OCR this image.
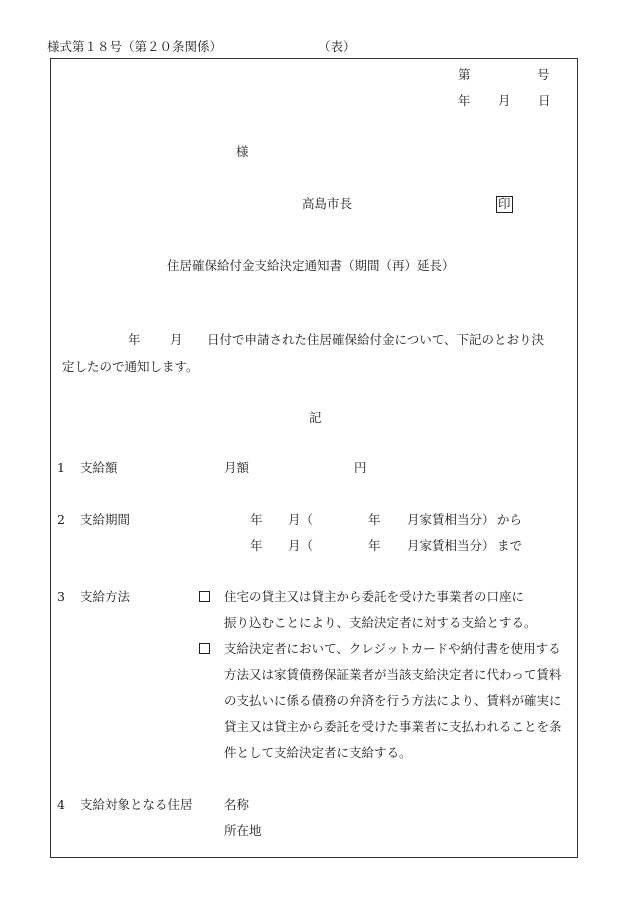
様式第１８号（第２０条関係）	（表）
第	号
年 月 日
様
高島市長	印
住居確保給付金支給決定通知書（期間（再）延長）
年 月 日付で申請された住居確保給付金について、下記のとおり決
定したので通知します。
記
1 支給額	月額	円
2 支給期間	年 月（	年 月家賃相当分） から
年 月（	年 月家賃相当分） まで
3 支給方法	住宅の貸主又は貸主から委託を受けた事業者の口座に
振り込むことにより、支給決定者に対する支給とする。
支給決定者において、クレジットカードや納付書を使用する
方法又は家賃債務保証業者が当該支給決定者に代わって賃料
の支払いに係る債務の弁済を行う方法により、賃料が確実に
貸主又は貸主から委託を受けた事業者に支払われることを条
件として支給決定者に支給する。
4 支給対象となる住居	名称
所在地
